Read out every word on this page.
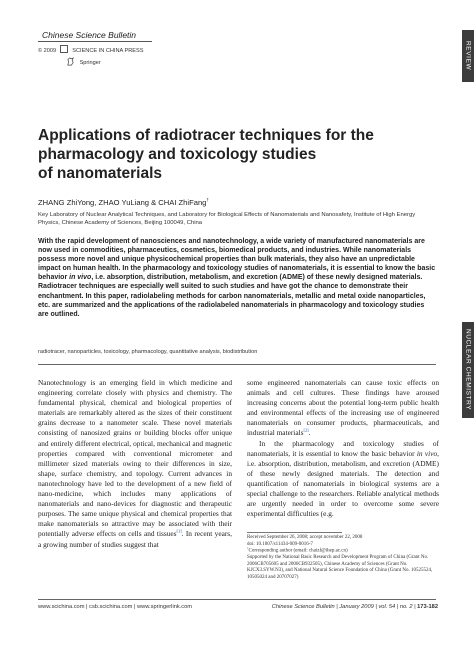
Chinese Science Bulletin
© 2009	SCIENCE IN CHINA PRESS
Springer	REVIEW
NUCLEAR CHEMISTRY
Applications of radiotracer techniques for the
pharmacology and toxicology studies
of nanomaterials
ZHANG ZhiYong, ZHAO YuLiang & CHAI ZhiFang†
Key Laboratory of Nuclear Analytical Techniques, and Laboratory for Biological Effects of Nanomaterials and Nanosafety, Institute of High Energy Physics, Chinese Academy of Sciences, Beijing 100049, China
With the rapid development of nanosciences and nanotechnology, a wide variety of manufactured nanomaterials are now used in commodities, pharmaceutics, cosmetics, biomedical products, and industries. While nanomaterials possess more novel and unique physicochemical properties than bulk materials, they also have an unpredictable impact on human health. In the pharmacology and toxicology studies of nanomaterials, it is essential to know the basic behavior in vivo, i.e. absorption, distribution, metabolism, and excretion (ADME) of these newly designed materials. Radiotracer techniques are especially well suited to such studies and have got the chance to demonstrate their enchantment. In this paper, radiolabeling methods for carbon nanomaterials, metallic and metal oxide nanoparticles, etc. are summarized and the applications of the radiolabeled nanomaterials in pharmacology and toxicology studies are outlined.
radiotracer, nanoparticles, toxicology, pharmacology, quantitative analysis, biodistribution

Nanotechnology is an emerging field in which medicine and engineering correlate closely with physics and chemistry. The fundamental physical, chemical and biological properties of materials are remarkably altered as the sizes of their constituent grains decrease to a nanometer scale. These novel materials consisting of nanosized grains or building blocks offer unique and entirely different electrical, optical, mechanical and magnetic properties compared with conventional micrometer and millimeter sized materials owing to their differences in size, shape, surface chemistry, and topology. Current advances in nanotechnology have led to the development of a new field of nano-medicine, which includes many applications of nanomaterials and nano-devices for diagnostic and therapeutic purposes. The same unique physical and chemical properties that make nanomaterials so attractive may be associated with their potentially adverse effects on cells and tissues[1]. In recent years, a growing number of studies suggest that

some engineered nanomaterials can cause toxic effects on animals and cell cultures. These findings have aroused increasing concerns about the potential long-term public health and environmental effects of the increasing use of engineered nanomaterials on consumer products, pharmaceuticals, and industrial materials[2].

In the pharmacology and toxicology studies of nanomaterials, it is essential to know the basic behavior in vivo, i.e. absorption, distribution, metabolism, and excretion (ADME) of these newly designed materials. The detection and quantification of nanomaterials in biological systems are a special challenge to the researchers. Reliable analytical methods are urgently needed in order to overcome some severe experimental difficulties (e.g.

Received September 26, 2008; accept november 22, 2008
doi: 10.1007/s11434-009-0016-7
†Corresponding author (email: chaizf@ihep.ac.cn)
Supported by the National Basic Research and Development Program of China (Grant No. 2006CB705605 and 2006CB932505), Chinese Academy of Sciences (Grant No. KJCX3.SYW.N3), and National Natural Science Foundation of China (Grant No. 10525524, 10505024 and 20707027)
www.scichina.com | csb.scichina.com | www.springerlink.com	Chinese Science Bulletin | January 2009 | vol. 54 | no. 2 | 173-182
